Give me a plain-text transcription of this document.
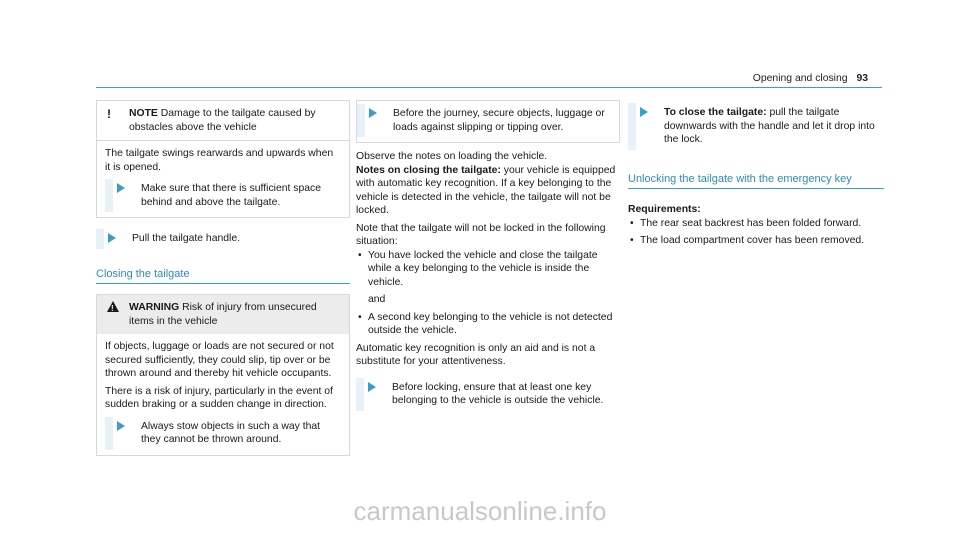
Opening and closing 93
! NOTE Damage to the tailgate caused by obstacles above the vehicle

The tailgate swings rearwards and upwards when it is opened.

Make sure that there is sufficient space behind and above the tailgate.
Pull the tailgate handle.
Closing the tailgate
!
WARNING Risk of injury from unsecured items in the vehicle

If objects, luggage or loads are not secured or not secured sufficiently, they could slip, tip over or be thrown around and thereby hit vehicle occupants.

There is a risk of injury, particularly in the event of sudden braking or a sudden change in direction.

Always stow objects in such a way that they cannot be thrown around.
Before the journey, secure objects, luggage or loads against slipping or tipping over.

Observe the notes on loading the vehicle.

Notes on closing the tailgate: your vehicle is equipped with automatic key recognition. If a key belonging to the vehicle is detected in the vehicle, the tailgate will not be locked.

Note that the tailgate will not be locked in the following situation:

• You have locked the vehicle and close the tailgate while a key belonging to the vehicle is inside the vehicle.

and

• A second key belonging to the vehicle is not detected outside the vehicle.

Automatic key recognition is only an aid and is not a substitute for your attentiveness.

Before locking, ensure that at least one key belonging to the vehicle is outside the vehicle.
To close the tailgate: pull the tailgate downwards with the handle and let it drop into the lock.
Unlocking the tailgate with the emergency key

Requirements:

• The rear seat backrest has been folded forward.
• The load compartment cover has been removed.
carmanualsonline.info
